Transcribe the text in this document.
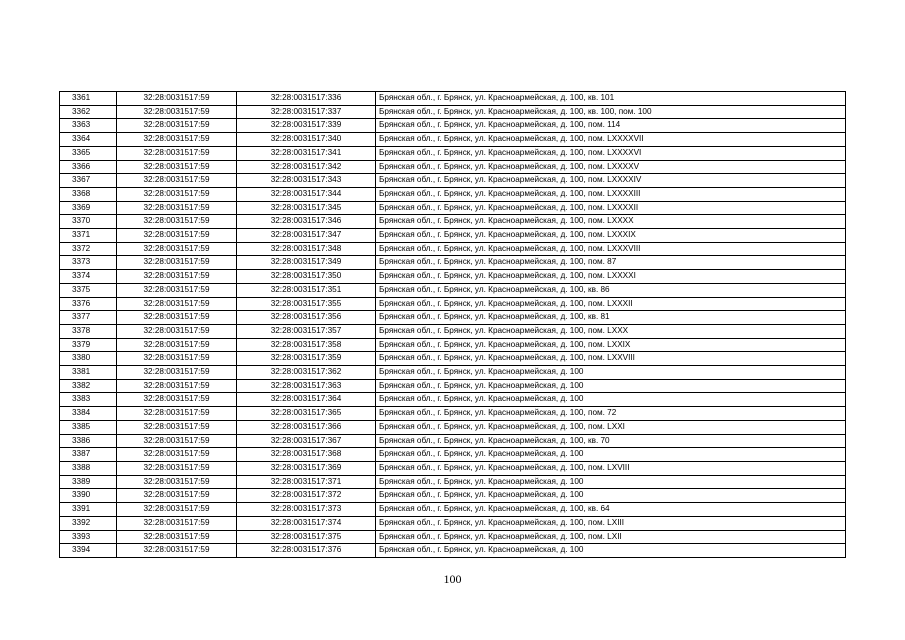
3361	32:28:0031517:59	32:28:0031517:336	Брянская обл., г. Брянск, ул. Красноармейская, д. 100, кв. 101
3362	32:28:0031517:59	32:28:0031517:337	Брянская обл., г. Брянск, ул. Красноармейская, д. 100, кв. 100, пом. 100
3363	32:28:0031517:59	32:28:0031517:339	Брянская обл., г. Брянск, ул. Красноармейская, д. 100, пом. 114
3364	32:28:0031517:59	32:28:0031517:340	Брянская обл., г. Брянск, ул. Красноармейская, д. 100, пом. LXXXXVII
3365	32:28:0031517:59	32:28:0031517:341	Брянская обл., г. Брянск, ул. Красноармейская, д. 100, пом. LXXXXVI
3366	32:28:0031517:59	32:28:0031517:342	Брянская обл., г. Брянск, ул. Красноармейская, д. 100, пом. LXXXXV
3367	32:28:0031517:59	32:28:0031517:343	Брянская обл., г. Брянск, ул. Красноармейская, д. 100, пом. LXXXXIV
3368	32:28:0031517:59	32:28:0031517:344	Брянская обл., г. Брянск, ул. Красноармейская, д. 100, пом. LXXXXIII
3369	32:28:0031517:59	32:28:0031517:345	Брянская обл., г. Брянск, ул. Красноармейская, д. 100, пом. LXXXXII
3370	32:28:0031517:59	32:28:0031517:346	Брянская обл., г. Брянск, ул. Красноармейская, д. 100, пом. LXXXX
3371	32:28:0031517:59	32:28:0031517:347	Брянская обл., г. Брянск, ул. Красноармейская, д. 100, пом. LXXXIX
3372	32:28:0031517:59	32:28:0031517:348	Брянская обл., г. Брянск, ул. Красноармейская, д. 100, пом. LXXXVIII
3373	32:28:0031517:59	32:28:0031517:349	Брянская обл., г. Брянск, ул. Красноармейская, д. 100, пом. 87
3374	32:28:0031517:59	32:28:0031517:350	Брянская обл., г. Брянск, ул. Красноармейская, д. 100, пом. LXXXXI
3375	32:28:0031517:59	32:28:0031517:351	Брянская обл., г. Брянск, ул. Красноармейская, д. 100, кв. 86
3376	32:28:0031517:59	32:28:0031517:355	Брянская обл., г. Брянск, ул. Красноармейская, д. 100, пом. LXXXII
3377	32:28:0031517:59	32:28:0031517:356	Брянская обл., г. Брянск, ул. Красноармейская, д. 100, кв. 81
3378	32:28:0031517:59	32:28:0031517:357	Брянская обл., г. Брянск, ул. Красноармейская, д. 100, пом. LXXX
3379	32:28:0031517:59	32:28:0031517:358	Брянская обл., г. Брянск, ул. Красноармейская, д. 100, пом. LXXIX
3380	32:28:0031517:59	32:28:0031517:359	Брянская обл., г. Брянск, ул. Красноармейская, д. 100, пом. LXXVIII
3381	32:28:0031517:59	32:28:0031517:362	Брянская обл., г. Брянск, ул. Красноармейская, д. 100
3382	32:28:0031517:59	32:28:0031517:363	Брянская обл., г. Брянск, ул. Красноармейская, д. 100
3383	32:28:0031517:59	32:28:0031517:364	Брянская обл., г. Брянск, ул. Красноармейская, д. 100
3384	32:28:0031517:59	32:28:0031517:365	Брянская обл., г. Брянск, ул. Красноармейская, д. 100, пом. 72
3385	32:28:0031517:59	32:28:0031517:366	Брянская обл., г. Брянск, ул. Красноармейская, д. 100, пом. LXXI
3386	32:28:0031517:59	32:28:0031517:367	Брянская обл., г. Брянск, ул. Красноармейская, д. 100, кв. 70
3387	32:28:0031517:59	32:28:0031517:368	Брянская обл., г. Брянск, ул. Красноармейская, д. 100
3388	32:28:0031517:59	32:28:0031517:369	Брянская обл., г. Брянск, ул. Красноармейская, д. 100, пом. LXVIII
3389	32:28:0031517:59	32:28:0031517:371	Брянская обл., г. Брянск, ул. Красноармейская, д. 100
3390	32:28:0031517:59	32:28:0031517:372	Брянская обл., г. Брянск, ул. Красноармейская, д. 100
3391	32:28:0031517:59	32:28:0031517:373	Брянская обл., г. Брянск, ул. Красноармейская, д. 100, кв. 64
3392	32:28:0031517:59	32:28:0031517:374	Брянская обл., г. Брянск, ул. Красноармейская, д. 100, пом. LXIII
3393	32:28:0031517:59	32:28:0031517:375	Брянская обл., г. Брянск, ул. Красноармейская, д. 100, пом. LXII
3394	32:28:0031517:59	32:28:0031517:376	Брянская обл., г. Брянск, ул. Красноармейская, д. 100
100
